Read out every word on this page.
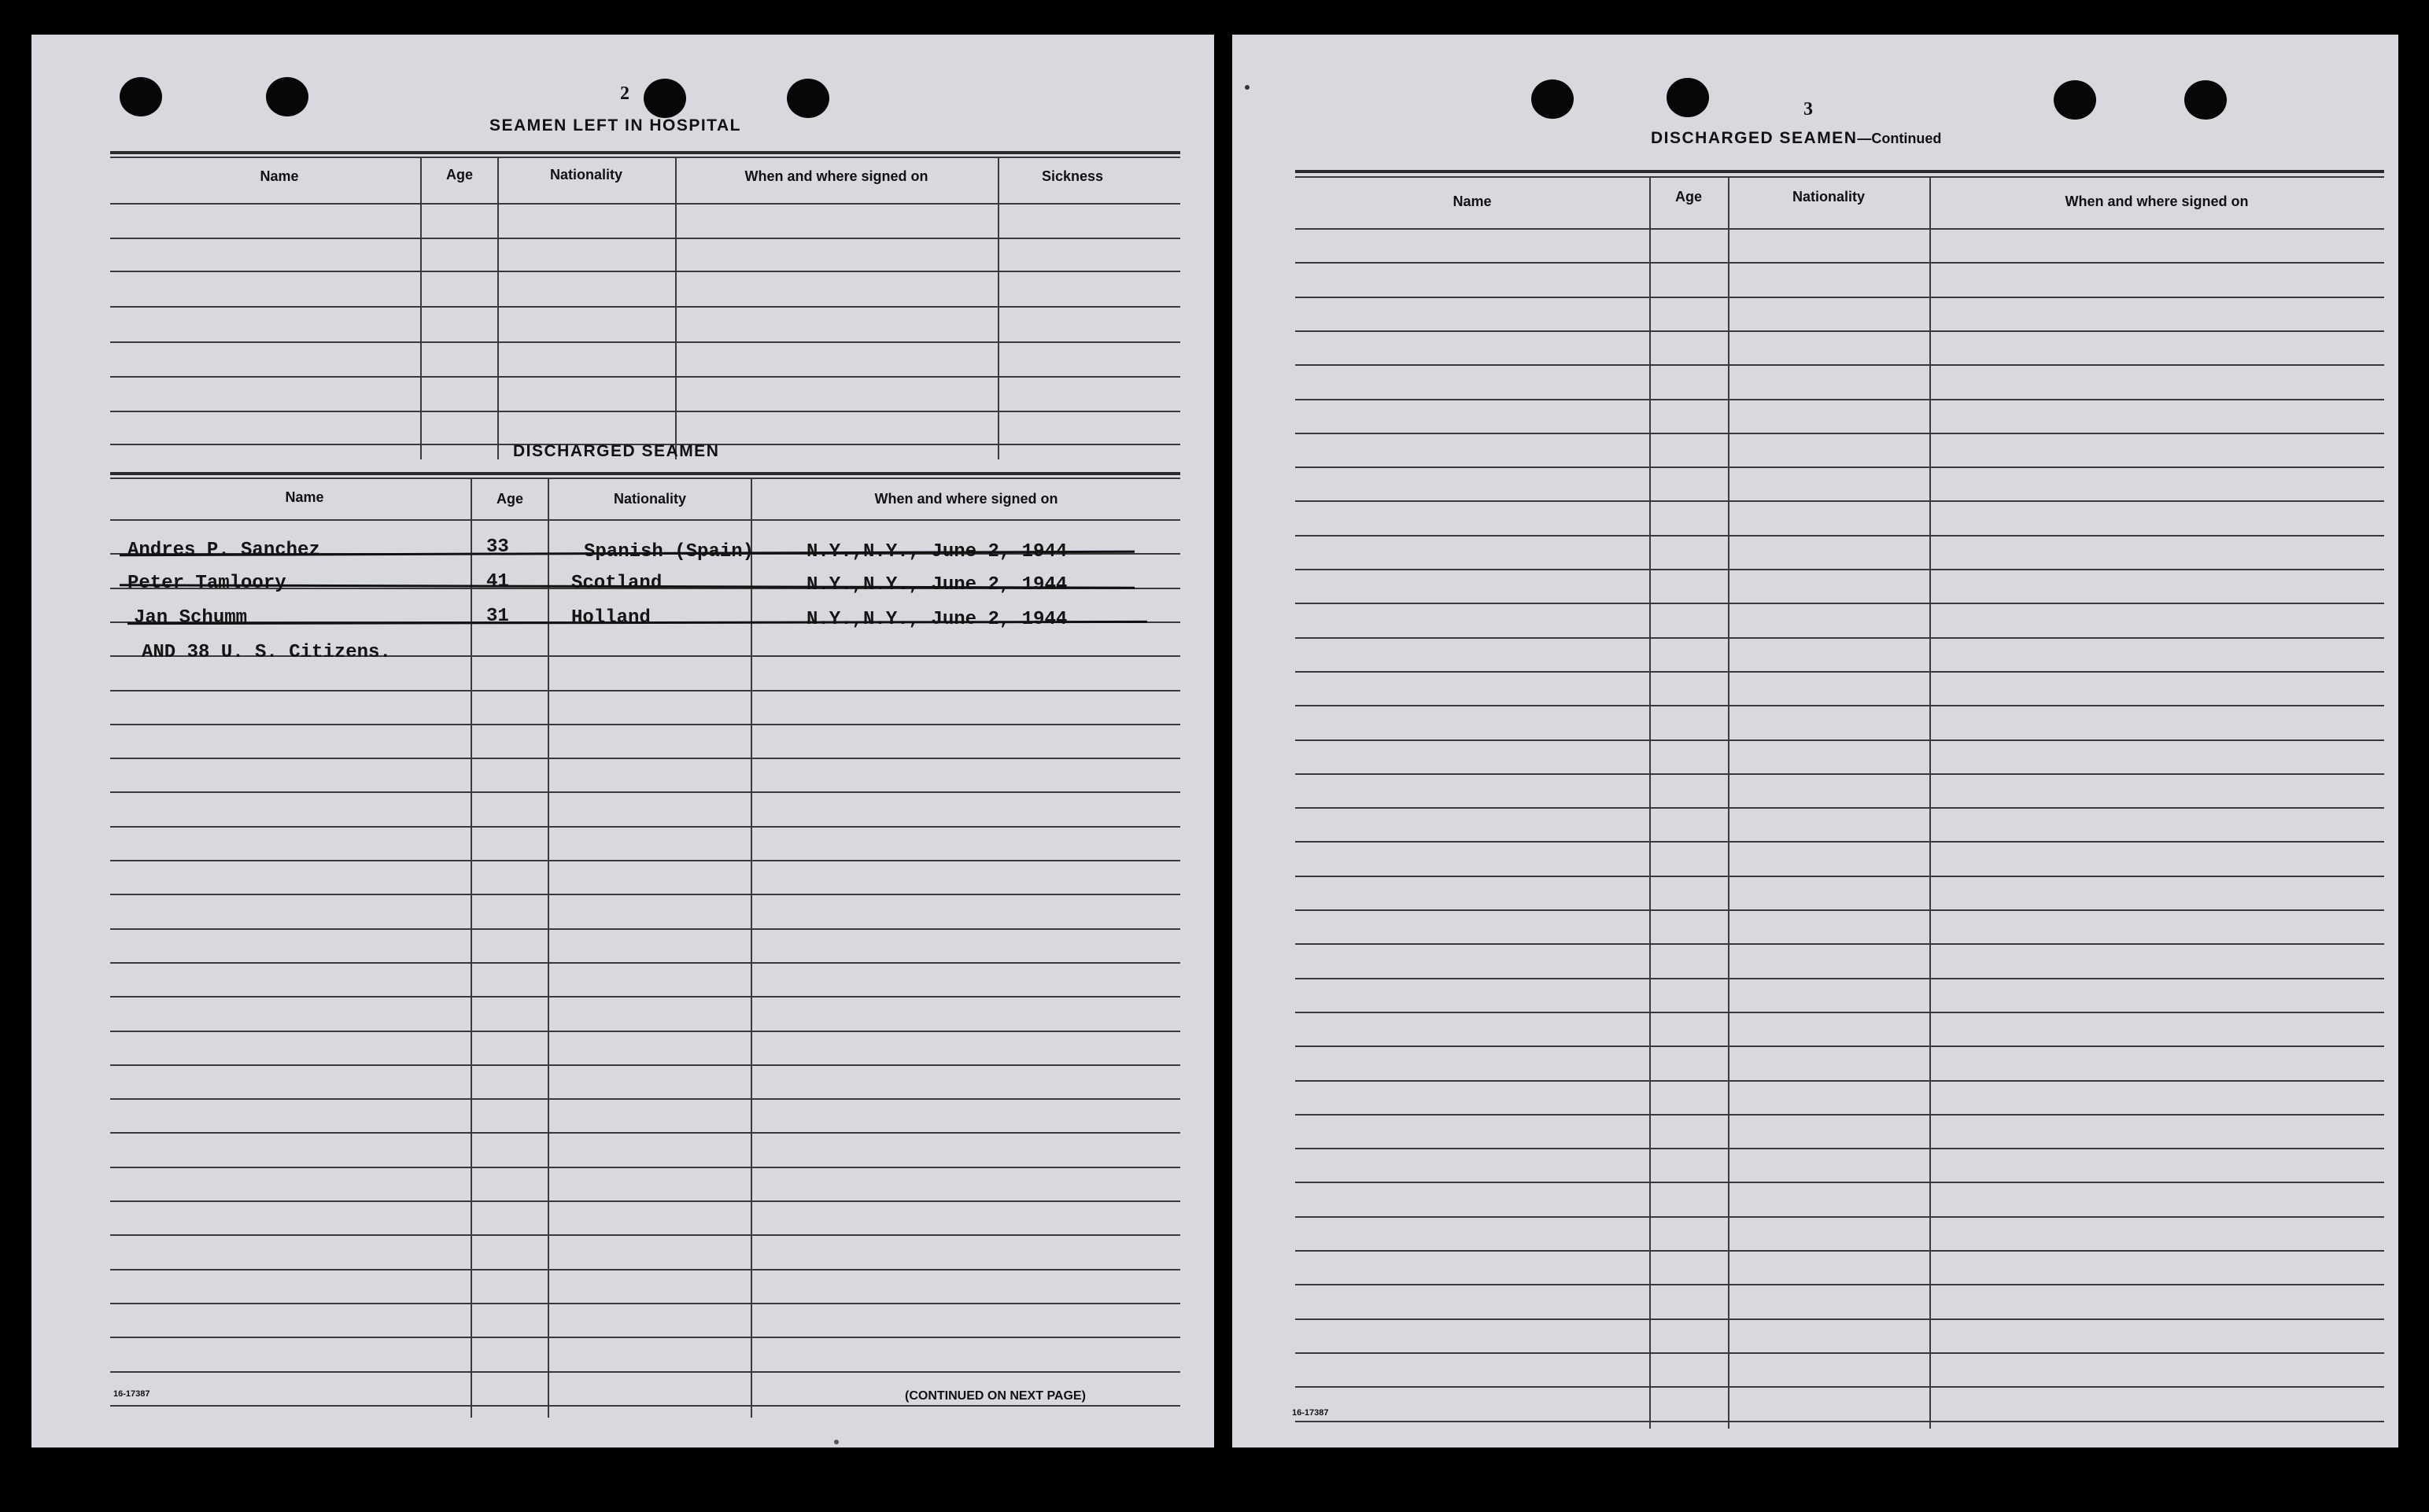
2
SEAMEN LEFT IN HOSPITAL
Name	Age	Nationality	When and where signed on	Sickness
DISCHARGED SEAMEN
Name	Age	Nationality	When and where signed on
Andres P. Sanchez	33	Spanish (Spain)	N.Y.,N.Y., June 2, 1944
Peter Tamloory	41	Scotland	N.Y.,N.Y., June 2, 1944
Jan Schumm	31	Holland	N.Y.,N.Y., June 2, 1944
AND 38 U. S. Citizens.
16-17387	(CONTINUED ON NEXT PAGE)
3
DISCHARGED SEAMEN—Continued
Name	Age	Nationality	When and where signed on
16-17387
